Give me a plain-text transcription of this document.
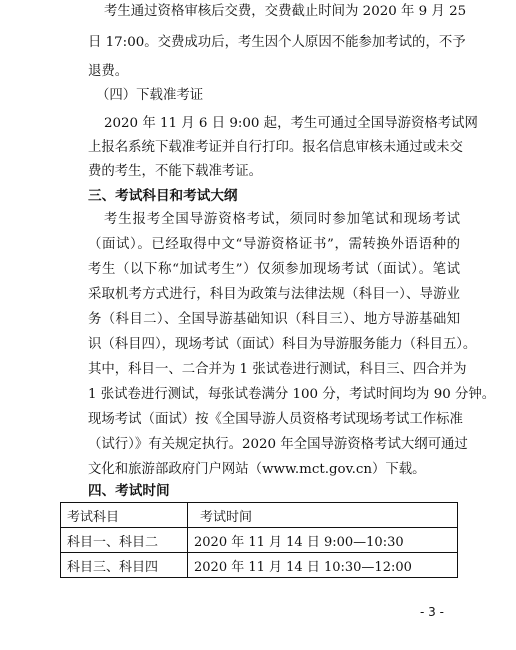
考生通过资格审核后交费，交费截止时间为 2020 年 9 月 25
日 17:00。交费成功后，考生因个人原因不能参加考试的，不予
退费。
（四）下载准考证
2020 年 11 月 6 日 9:00 起，考生可通过全国导游资格考试网
上报名系统下载准考证并自行打印。报名信息审核未通过或未交
费的考生，不能下载准考证。
三、考试科目和考试大纲
考生报考全国导游资格考试，须同时参加笔试和现场考试
（面试）。已经取得中文“导游资格证书”，需转换外语语种的
考生（以下称“加试考生”）仅须参加现场考试（面试）。笔试
采取机考方式进行，科目为政策与法律法规（科目一）、导游业
务（科目二）、全国导游基础知识（科目三）、地方导游基础知
识（科目四），现场考试（面试）科目为导游服务能力（科目五）。
其中，科目一、二合并为 1 张试卷进行测试，科目三、四合并为
1 张试卷进行测试，每张试卷满分 100 分，考试时间均为 90 分钟。
现场考试（面试）按《全国导游人员资格考试现场考试工作标准
（试行）》有关规定执行。2020 年全国导游资格考试大纲可通过
文化和旅游部政府门户网站（www.mct.gov.cn）下载。
四、考试时间
考试科目	考试时间
科目一、科目二	2020 年 11 月 14 日 9:00—10:30
科目三、科目四	2020 年 11 月 14 日 10:30—12:00
- 3 -
